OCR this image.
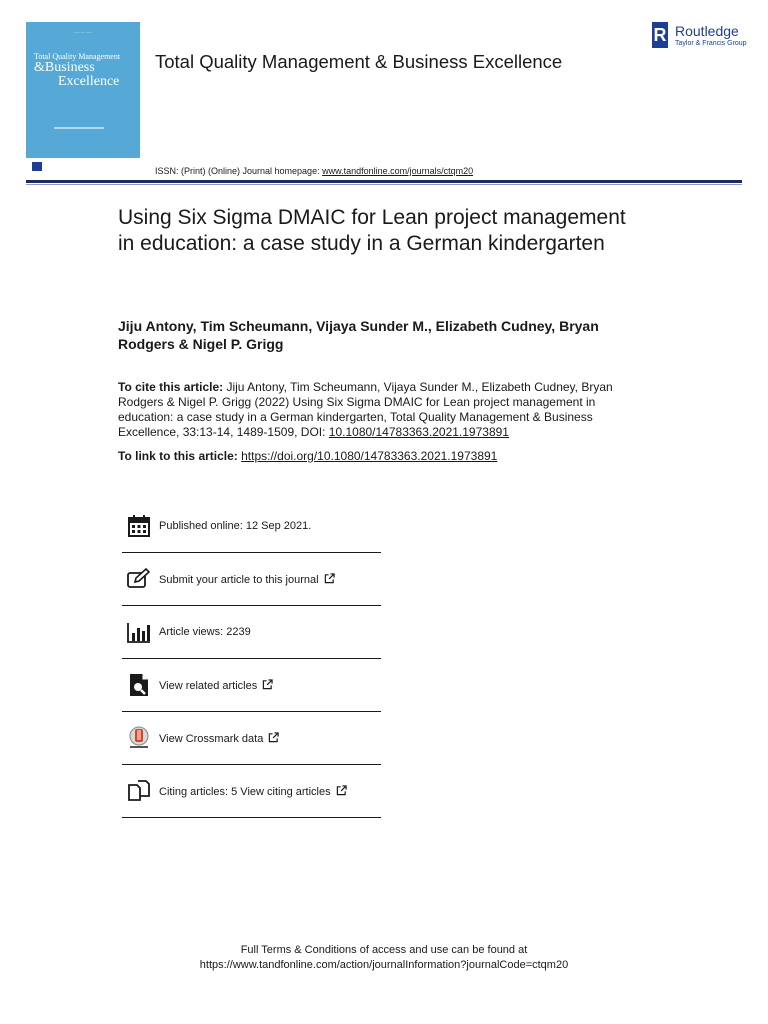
─── ── ───
Total Quality Management
&Business
Excellence
Total Quality Management & Business Excellence
R Routledge
Taylor & Francis Group
ISSN: (Print) (Online) Journal homepage: www.tandfonline.com/journals/ctqm20
Using Six Sigma DMAIC for Lean project management in education: a case study in a German kindergarten
Jiju Antony, Tim Scheumann, Vijaya Sunder M., Elizabeth Cudney, Bryan Rodgers & Nigel P. Grigg
To cite this article: Jiju Antony, Tim Scheumann, Vijaya Sunder M., Elizabeth Cudney, Bryan Rodgers & Nigel P. Grigg (2022) Using Six Sigma DMAIC for Lean project management in education: a case study in a German kindergarten, Total Quality Management & Business Excellence, 33:13-14, 1489-1509, DOI: 10.1080/14783363.2021.1973891
To link to this article: https://doi.org/10.1080/14783363.2021.1973891
Published online: 12 Sep 2021.
Submit your article to this journal
Article views: 2239
View related articles
View Crossmark data
Citing articles: 5 View citing articles
Full Terms & Conditions of access and use can be found at
https://www.tandfonline.com/action/journalInformation?journalCode=ctqm20
